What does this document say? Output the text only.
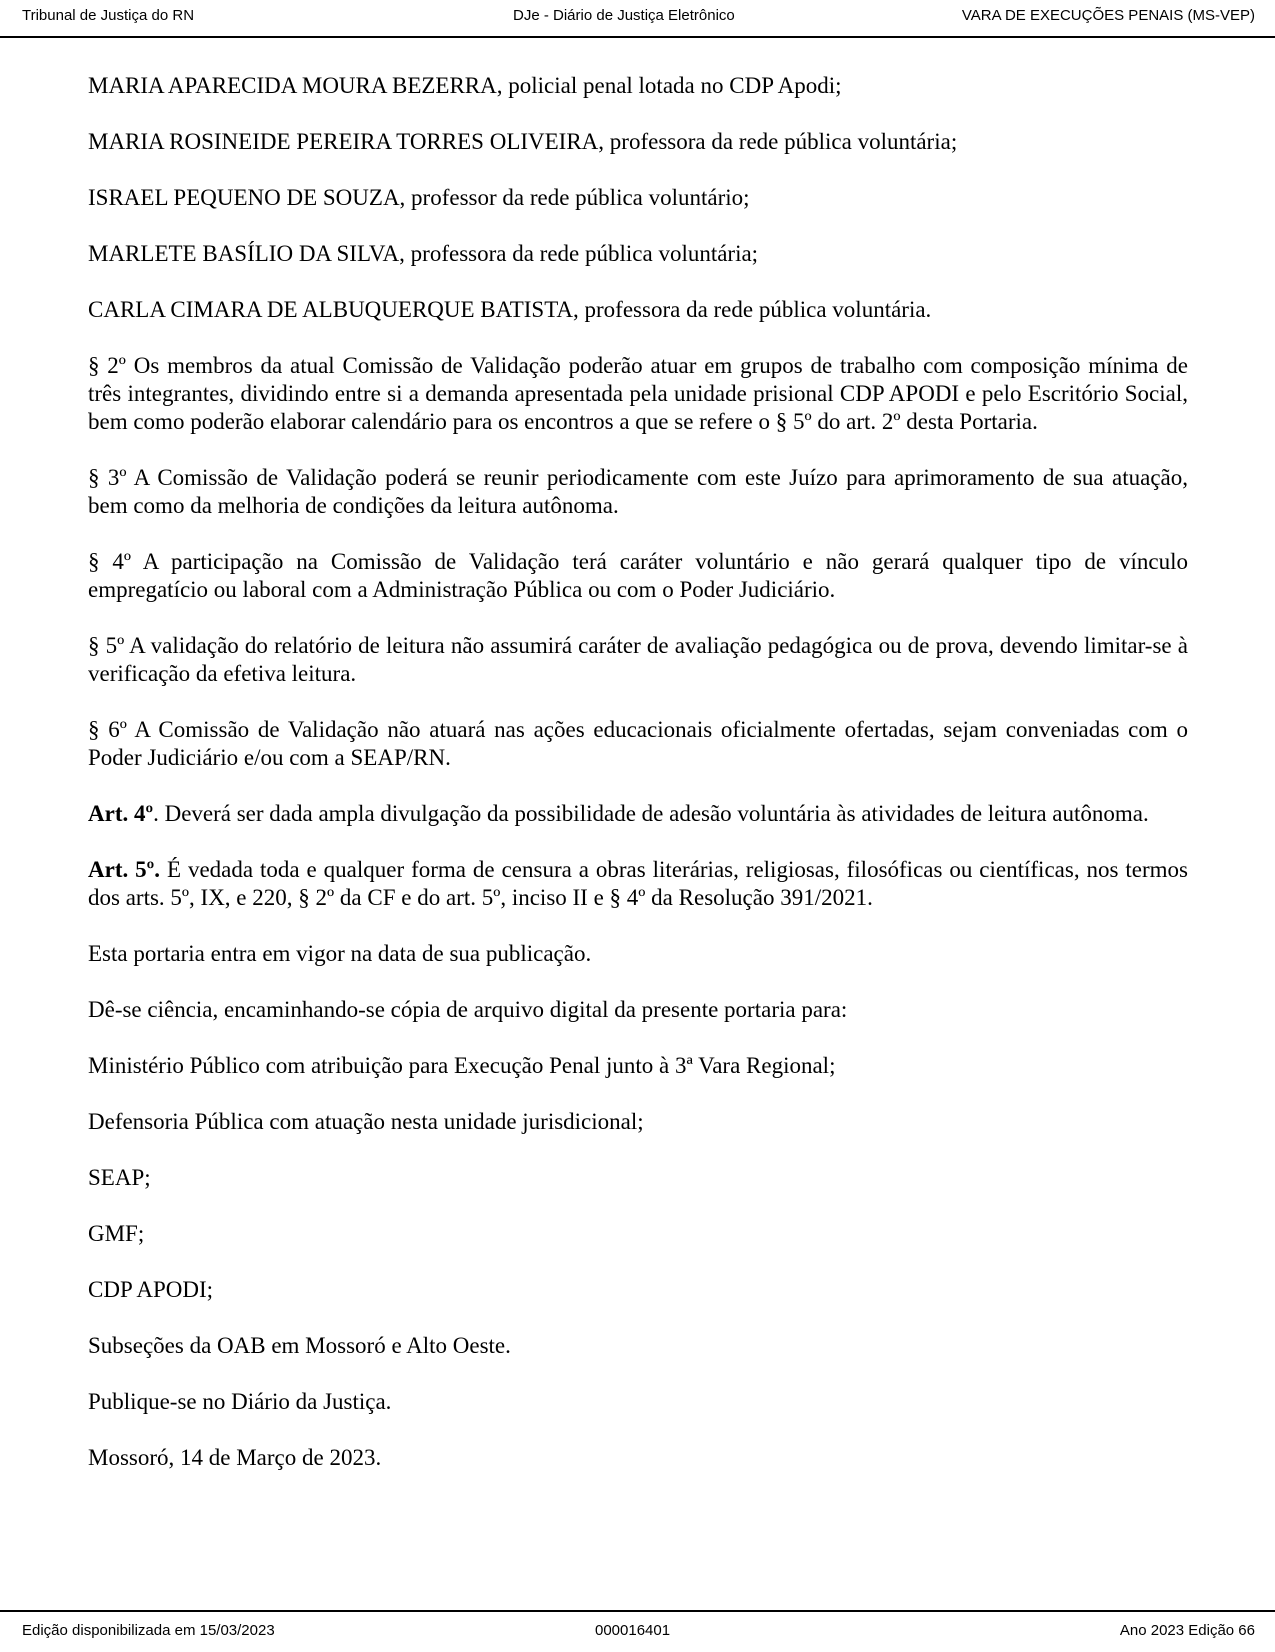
Tribunal de Justiça do RN	DJe - Diário de Justiça Eletrônico	VARA DE EXECUÇÕES PENAIS (MS-VEP)

MARIA APARECIDA MOURA BEZERRA, policial penal lotada no CDP Apodi;

MARIA ROSINEIDE PEREIRA TORRES OLIVEIRA, professora da rede pública voluntária;

ISRAEL PEQUENO DE SOUZA, professor da rede pública voluntário;

MARLETE BASÍLIO DA SILVA, professora da rede pública voluntária;

CARLA CIMARA DE ALBUQUERQUE BATISTA, professora da rede pública voluntária.

§ 2º Os membros da atual Comissão de Validação poderão atuar em grupos de trabalho com composição mínima de três integrantes, dividindo entre si a demanda apresentada pela unidade prisional CDP APODI e pelo Escritório Social, bem como poderão elaborar calendário para os encontros a que se refere o § 5º do art. 2º desta Portaria.

§ 3º A Comissão de Validação poderá se reunir periodicamente com este Juízo para aprimoramento de sua atuação, bem como da melhoria de condições da leitura autônoma.

§ 4º A participação na Comissão de Validação terá caráter voluntário e não gerará qualquer tipo de vínculo empregatício ou laboral com a Administração Pública ou com o Poder Judiciário.

§ 5º A validação do relatório de leitura não assumirá caráter de avaliação pedagógica ou de prova, devendo limitar-se à verificação da efetiva leitura.

§ 6º A Comissão de Validação não atuará nas ações educacionais oficialmente ofertadas, sejam conveniadas com o Poder Judiciário e/ou com a SEAP/RN.

Art. 4º. Deverá ser dada ampla divulgação da possibilidade de adesão voluntária às atividades de leitura autônoma.

Art. 5º. É vedada toda e qualquer forma de censura a obras literárias, religiosas, filosóficas ou científicas, nos termos dos arts. 5º, IX, e 220, § 2º da CF e do art. 5º, inciso II e § 4º da Resolução 391/2021.

Esta portaria entra em vigor na data de sua publicação.

Dê-se ciência, encaminhando-se cópia de arquivo digital da presente portaria para:

Ministério Público com atribuição para Execução Penal junto à 3ª Vara Regional;

Defensoria Pública com atuação nesta unidade jurisdicional;

SEAP;

GMF;

CDP APODI;

Subseções da OAB em Mossoró e Alto Oeste.

Publique-se no Diário da Justiça.

Mossoró, 14 de Março de 2023.

Edição disponibilizada em 15/03/2023	000016401	Ano 2023 Edição 66
